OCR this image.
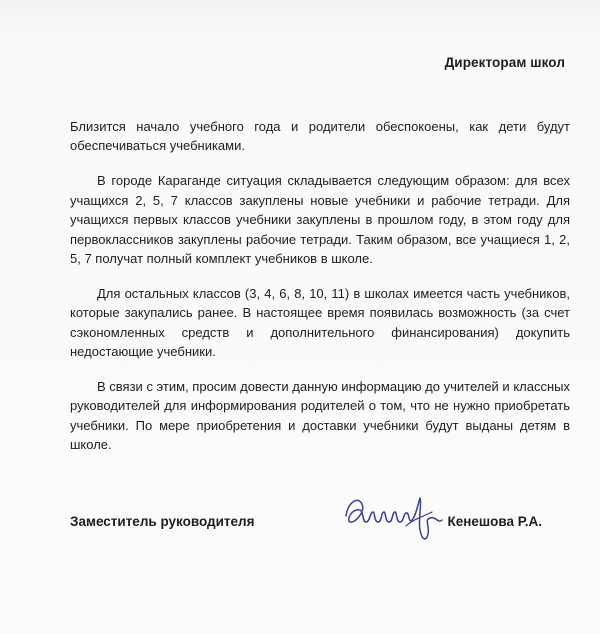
Директорам школ

Близится начало учебного года и родители обеспокоены, как дети будут обеспечиваться учебниками.

В городе Караганде ситуация складывается следующим образом: для всех учащихся 2, 5, 7 классов закуплены новые учебники и рабочие тетради. Для учащихся первых классов учебники закуплены в прошлом году, в этом году для первоклассников закуплены рабочие тетради. Таким образом, все учащиеся 1, 2, 5, 7 получат полный комплект учебников в школе.

Для остальных классов (3, 4, 6, 8, 10, 11) в школах имеется часть учебников, которые закупались ранее. В настоящее время появилась возможность (за счет сэкономленных средств и дополнительного финансирования) докупить недостающие учебники.

В связи с этим, просим довести данную информацию до учителей и классных руководителей для информирования родителей о том, что не нужно приобретать учебники. По мере приобретения и доставки учебники будут выданы детям в школе.

Заместитель руководителя	Кенешова Р.А.
